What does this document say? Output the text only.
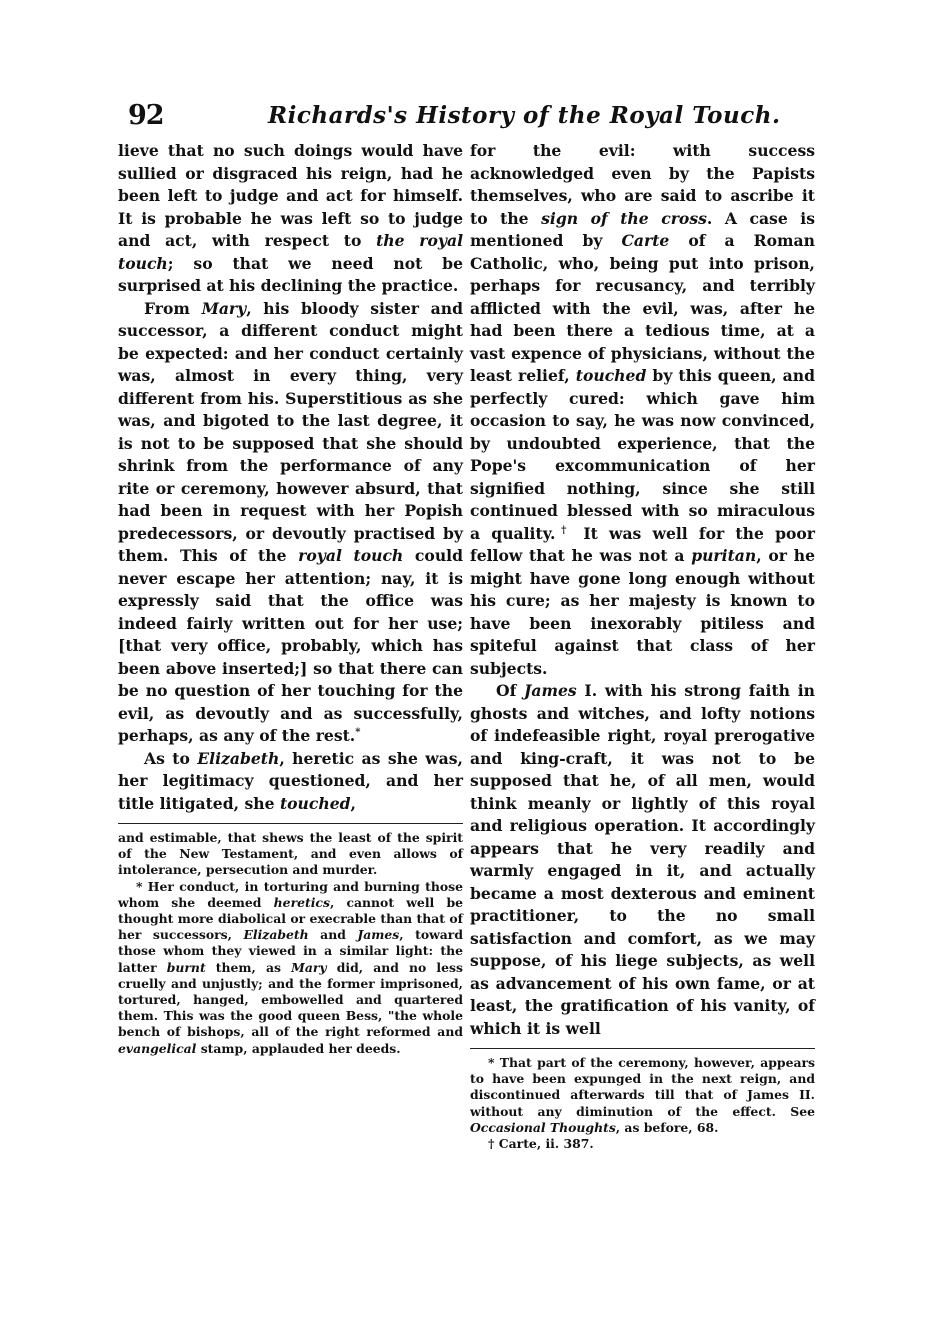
92	Richards's History of the Royal Touch.

lieve that no such doings would have sullied or disgraced his reign, had he been left to judge and act for himself. It is probable he was left so to judge and act, with respect to the royal touch; so that we need not be surprised at his declining the practice.

From Mary, his bloody sister and successor, a different conduct might be expected: and her conduct certainly was, almost in every thing, very different from his. Superstitious as she was, and bigoted to the last degree, it is not to be supposed that she should shrink from the performance of any rite or ceremony, however absurd, that had been in request with her Popish predecessors, or devoutly practised by them. This of the royal touch could never escape her attention; nay, it is expressly said that the office was indeed fairly written out for her use; [that very office, probably, which has been above inserted;] so that there can be no question of her touching for the evil, as devoutly and as successfully, perhaps, as any of the rest.*

As to Elizabeth, heretic as she was, her legitimacy questioned, and her title litigated, she touched,

and estimable, that shews the least of the spirit of the New Testament, and even allows of intolerance, persecution and murder.

* Her conduct, in torturing and burning those whom she deemed heretics, cannot well be thought more diabolical or execrable than that of her successors, Elizabeth and James, toward those whom they viewed in a similar light: the latter burnt them, as Mary did, and no less cruelly and unjustly; and the former imprisoned, tortured, hanged, embowelled and quartered them. This was the good queen Bess, "the whole bench of bishops, all of the right reformed and evangelical stamp, applauded her deeds.

for the evil: with success acknowledged even by the Papists themselves, who are said to ascribe it to the sign of the cross. A case is mentioned by Carte of a Roman Catholic, who, being put into prison, perhaps for recusancy, and terribly afflicted with the evil, was, after he had been there a tedious time, at a vast expence of physicians, without the least relief, touched by this queen, and perfectly cured: which gave him occasion to say, he was now convinced, by undoubted experience, that the Pope's excommunication of her signified nothing, since she still continued blessed with so miraculous a quality.† It was well for the poor fellow that he was not a puritan, or he might have gone long enough without his cure; as her majesty is known to have been inexorably pitiless and spiteful against that class of her subjects.

Of James I. with his strong faith in ghosts and witches, and lofty notions of indefeasible right, royal prerogative and king-craft, it was not to be supposed that he, of all men, would think meanly or lightly of this royal and religious operation. It accordingly appears that he very readily and warmly engaged in it, and actually became a most dexterous and eminent practitioner, to the no small satisfaction and comfort, as we may suppose, of his liege subjects, as well as advancement of his own fame, or at least, the gratification of his vanity, of which it is well

* That part of the ceremony, however, appears to have been expunged in the next reign, and discontinued afterwards till that of James II. without any diminution of the effect. See Occasional Thoughts, as before, 68.

† Carte, ii. 387.
